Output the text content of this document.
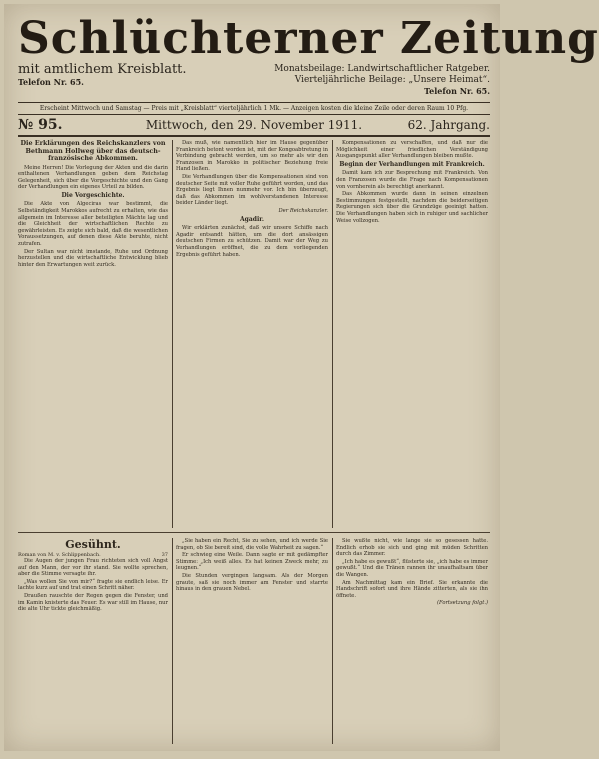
Schlüchterner Zeitung
mit amtlichem Kreisblatt.
Telefon Nr. 65.
Monatsbeilage: Landwirtschaftlicher Ratgeber.
Vierteljährliche Beilage: „Unsere Heimat“.
Telefon Nr. 65.
Erscheint Mittwoch und Samstag — Preis mit „Kreisblatt“ vierteljährlich 1 Mk. — Anzeigen kosten die kleine Zeile oder deren Raum 10 Pfg.
№ 95.	Mittwoch, den 29. November 1911.	62. Jahrgang.

Die Erklärungen des Reichskanzlers von Bethmann Hollweg über das deutsch-französische Abkommen.

Meine Herren! Die Vorlegung der Akten und die darin enthaltenen Verhandlungen geben dem Reichstag Gelegenheit, sich über die Vorgeschichte und den Gang der Verhandlungen ein eigenes Urteil zu bilden.

Die Vorgeschichte.

Die Akte von Algeciras war bestimmt, die Selbständigkeit Marokkos aufrecht zu erhalten, wie das allgemein im Interesse aller beteiligten Mächte lag und die Gleichheit der wirtschaftlichen Rechte zu gewährleisten. Es zeigte sich bald, daß die wesentlichen Voraussetzungen, auf denen diese Akte beruhte, nicht zutrafen.

Der Sultan war nicht imstande, Ruhe und Ordnung herzustellen und die wirtschaftliche Entwicklung blieb hinter den Erwartungen weit zurück.

Das muß, wie namentlich hier im Hause gegenüber Frankreich betont worden ist, mit der Kongoabtretung in Verbindung gebracht werden, um so mehr als wir den Franzosen in Marokko in politischer Beziehung freie Hand ließen.

Die Verhandlungen über die Kompensationen sind von deutscher Seite mit voller Ruhe geführt worden, und das Ergebnis liegt Ihnen nunmehr vor. Ich bin überzeugt, daß das Abkommen im wohlverstandenen Interesse beider Länder liegt.

Der Reichskanzler.

Agadir.

Wir erklärten zunächst, daß wir unsere Schiffe nach Agadir entsandt hätten, um die dort ansässigen deutschen Firmen zu schützen. Damit war der Weg zu Verhandlungen eröffnet, die zu dem vorliegenden Ergebnis geführt haben.

Kompensationen zu verschaffen, und daß nur die Möglichkeit einer friedlichen Verständigung Ausgangspunkt aller Verhandlungen bleiben mußte.

Beginn der Verhandlungen mit Frankreich.

Damit kam ich zur Besprechung mit Frankreich. Von den Franzosen wurde die Frage nach Kompensationen von vornherein als berechtigt anerkannt.

Das Abkommen wurde dann in seinen einzelnen Bestimmungen festgestellt, nachdem die beiderseitigen Regierungen sich über die Grundzüge geeinigt hatten. Die Verhandlungen haben sich in ruhiger und sachlicher Weise vollzogen.

Gesühnt.
Roman von M. v. Schlippenbach.	37

Die Augen der jungen Frau richteten sich voll Angst auf den Mann, der vor ihr stand. Sie wollte sprechen, aber die Stimme versagte ihr.

„Was wollen Sie von mir?“ fragte sie endlich leise. Er lachte kurz auf und trat einen Schritt näher.

Draußen rauschte der Regen gegen die Fenster, und im Kamin knisterte das Feuer. Es war still im Hause, nur die alte Uhr tickte gleichmäßig.

„Sie haben ein Recht, Sie zu sehen, und ich werde Sie fragen, ob Sie bereit sind, die volle Wahrheit zu sagen.“

Er schwieg eine Weile. Dann sagte er mit gedämpfter Stimme: „Ich weiß alles. Es hat keinen Zweck mehr, zu leugnen.“

Die Stunden vergingen langsam. Als der Morgen graute, saß sie noch immer am Fenster und starrte hinaus in den grauen Nebel.

Sie wußte nicht, wie lange sie so gesessen hatte. Endlich erhob sie sich und ging mit müden Schritten durch das Zimmer.

„Ich habe es gewußt“, flüsterte sie, „ich habe es immer gewußt.“ Und die Tränen rannen ihr unaufhaltsam über die Wangen.

Am Nachmittag kam ein Brief. Sie erkannte die Handschrift sofort und ihre Hände zitterten, als sie ihn öffnete.

(Fortsetzung folgt.)
